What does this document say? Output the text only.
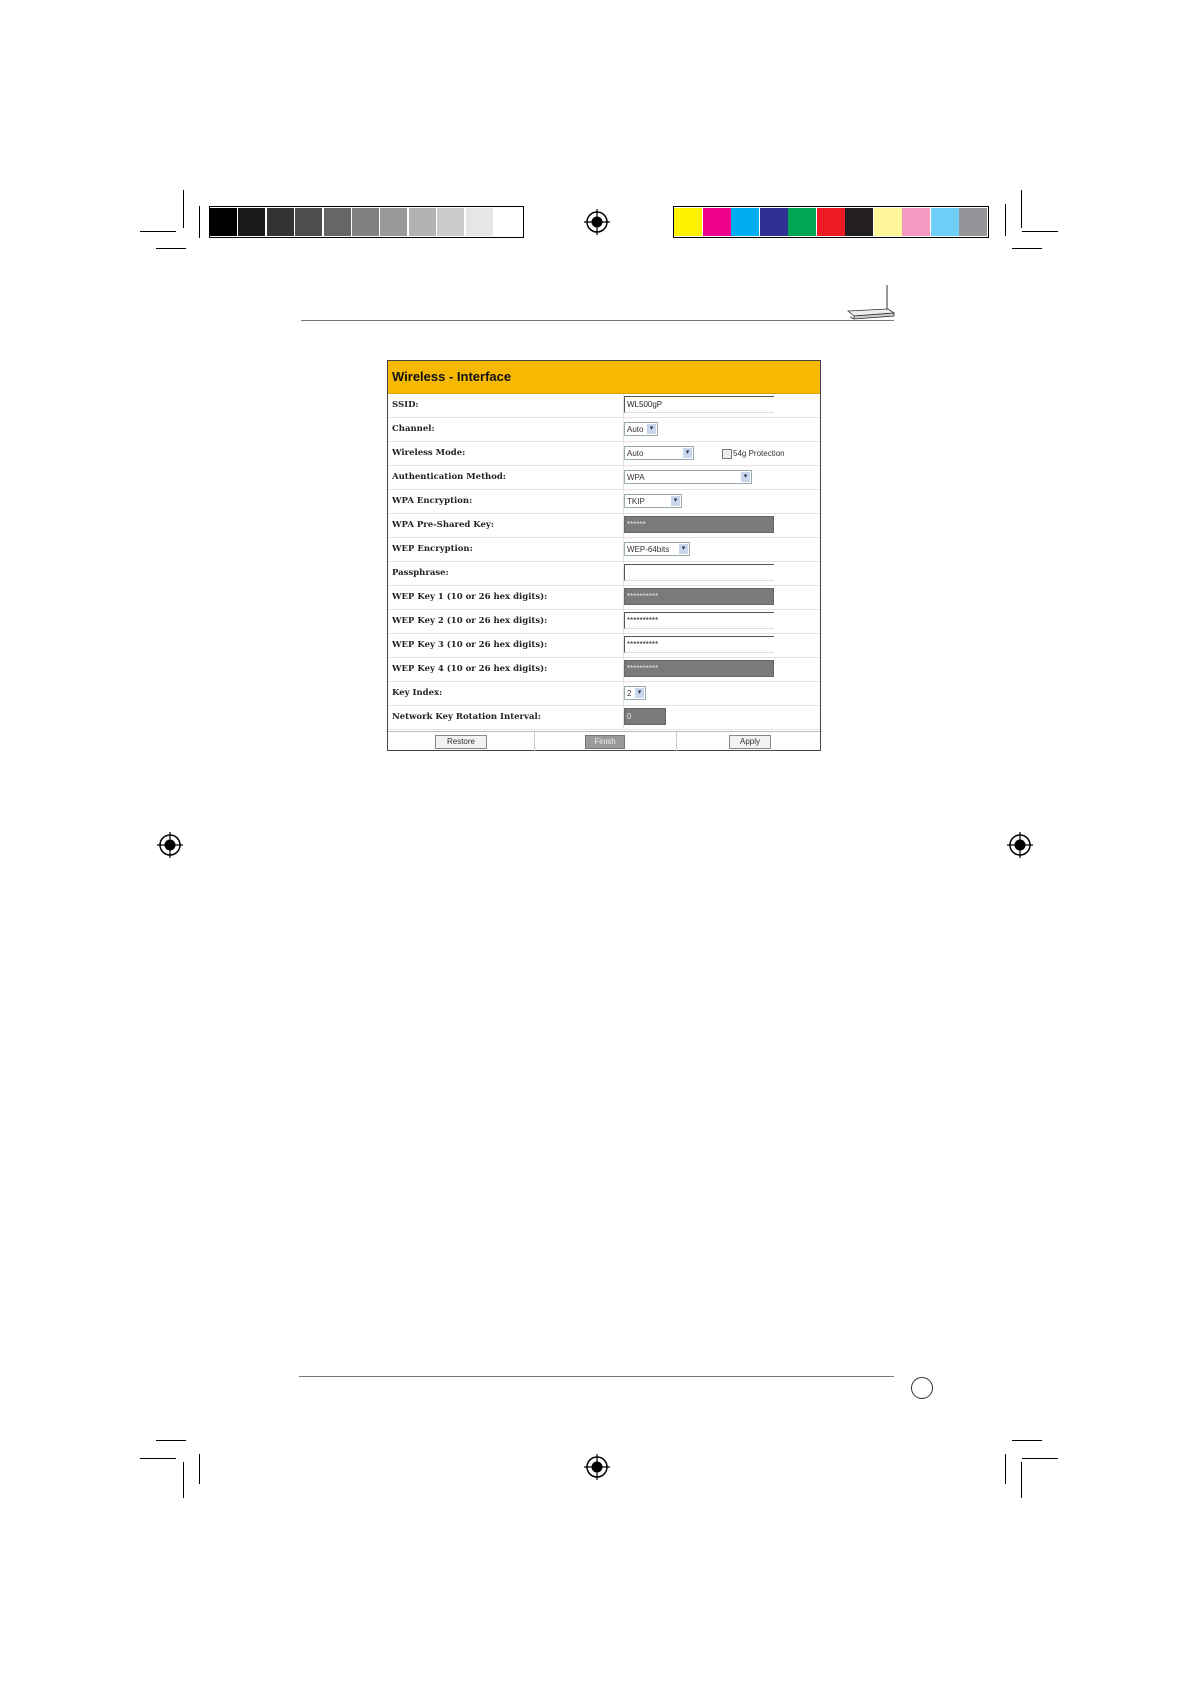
Wireless - Interface
SSID:	WL500gP
Channel:	Auto ▾
Wireless Mode:	Auto	▾	54g Protection
Authentication Method:	WPA	▾
WPA Encryption:	TKIP	▾
WPA Pre-Shared Key:	******
WEP Encryption:	WEP-64bits	▾
Passphrase:
WEP Key 1 (10 or 26 hex digits):	**********
WEP Key 2 (10 or 26 hex digits):	**********
WEP Key 3 (10 or 26 hex digits):	**********
WEP Key 4 (10 or 26 hex digits):	**********
Key Index:	2 ▾
Network Key Rotation Interval:	0
Restore	Finish	Apply
